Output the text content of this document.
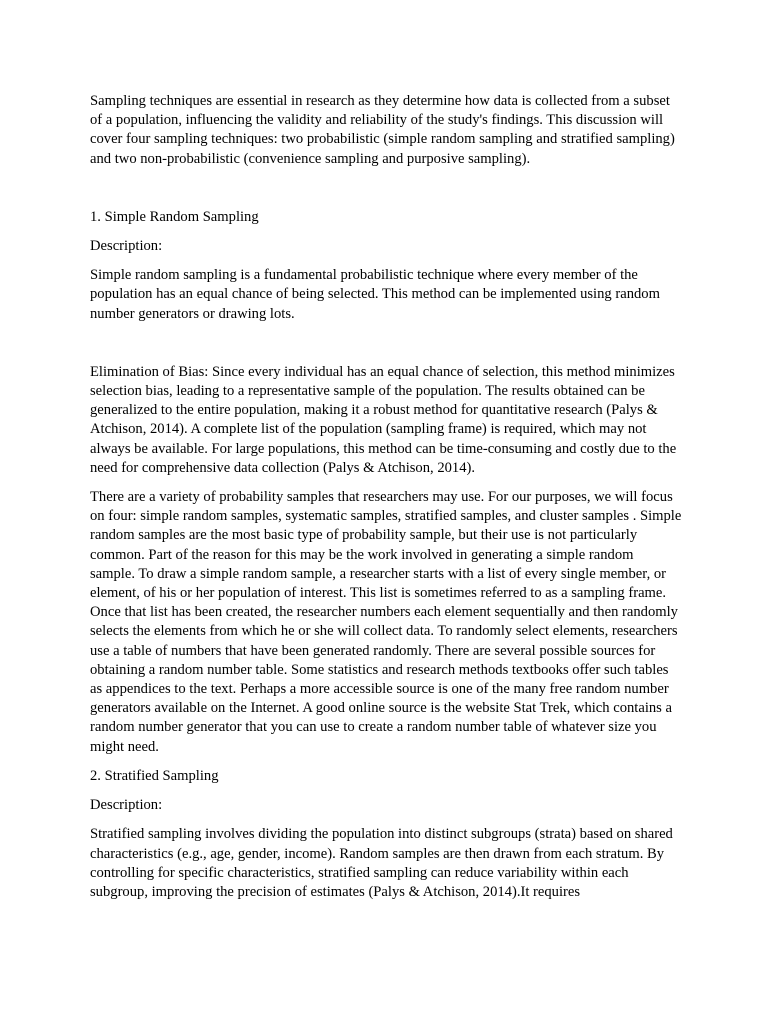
Sampling techniques are essential in research as they determine how data is collected from a subset of a population, influencing the validity and reliability of the study's findings. This discussion will cover four sampling techniques: two probabilistic (simple random sampling and stratified sampling) and two non-probabilistic (convenience sampling and purposive sampling).

1. Simple Random Sampling

Description:

Simple random sampling is a fundamental probabilistic technique where every member of the population has an equal chance of being selected. This method can be implemented using random number generators or drawing lots.

Elimination of Bias: Since every individual has an equal chance of selection, this method minimizes selection bias, leading to a representative sample of the population. The results obtained can be generalized to the entire population, making it a robust method for quantitative research (Palys & Atchison, 2014). A complete list of the population (sampling frame) is required, which may not always be available. For large populations, this method can be time-consuming and costly due to the need for comprehensive data collection (Palys & Atchison, 2014).

There are a variety of probability samples that researchers may use. For our purposes, we will focus on four: simple random samples, systematic samples, stratified samples, and cluster samples . Simple random samples are the most basic type of probability sample, but their use is not particularly common. Part of the reason for this may be the work involved in generating a simple random sample. To draw a simple random sample, a researcher starts with a list of every single member, or element, of his or her population of interest. This list is sometimes referred to as a sampling frame. Once that list has been created, the researcher numbers each element sequentially and then randomly selects the elements from which he or she will collect data. To randomly select elements, researchers use a table of numbers that have been generated randomly. There are several possible sources for obtaining a random number table. Some statistics and research methods textbooks offer such tables as appendices to the text. Perhaps a more accessible source is one of the many free random number generators available on the Internet. A good online source is the website Stat Trek, which contains a random number generator that you can use to create a random number table of whatever size you might need.

2. Stratified Sampling

Description:

Stratified sampling involves dividing the population into distinct subgroups (strata) based on shared characteristics (e.g., age, gender, income). Random samples are then drawn from each stratum. By controlling for specific characteristics, stratified sampling can reduce variability within each subgroup, improving the precision of estimates (Palys & Atchison, 2014).It requires
